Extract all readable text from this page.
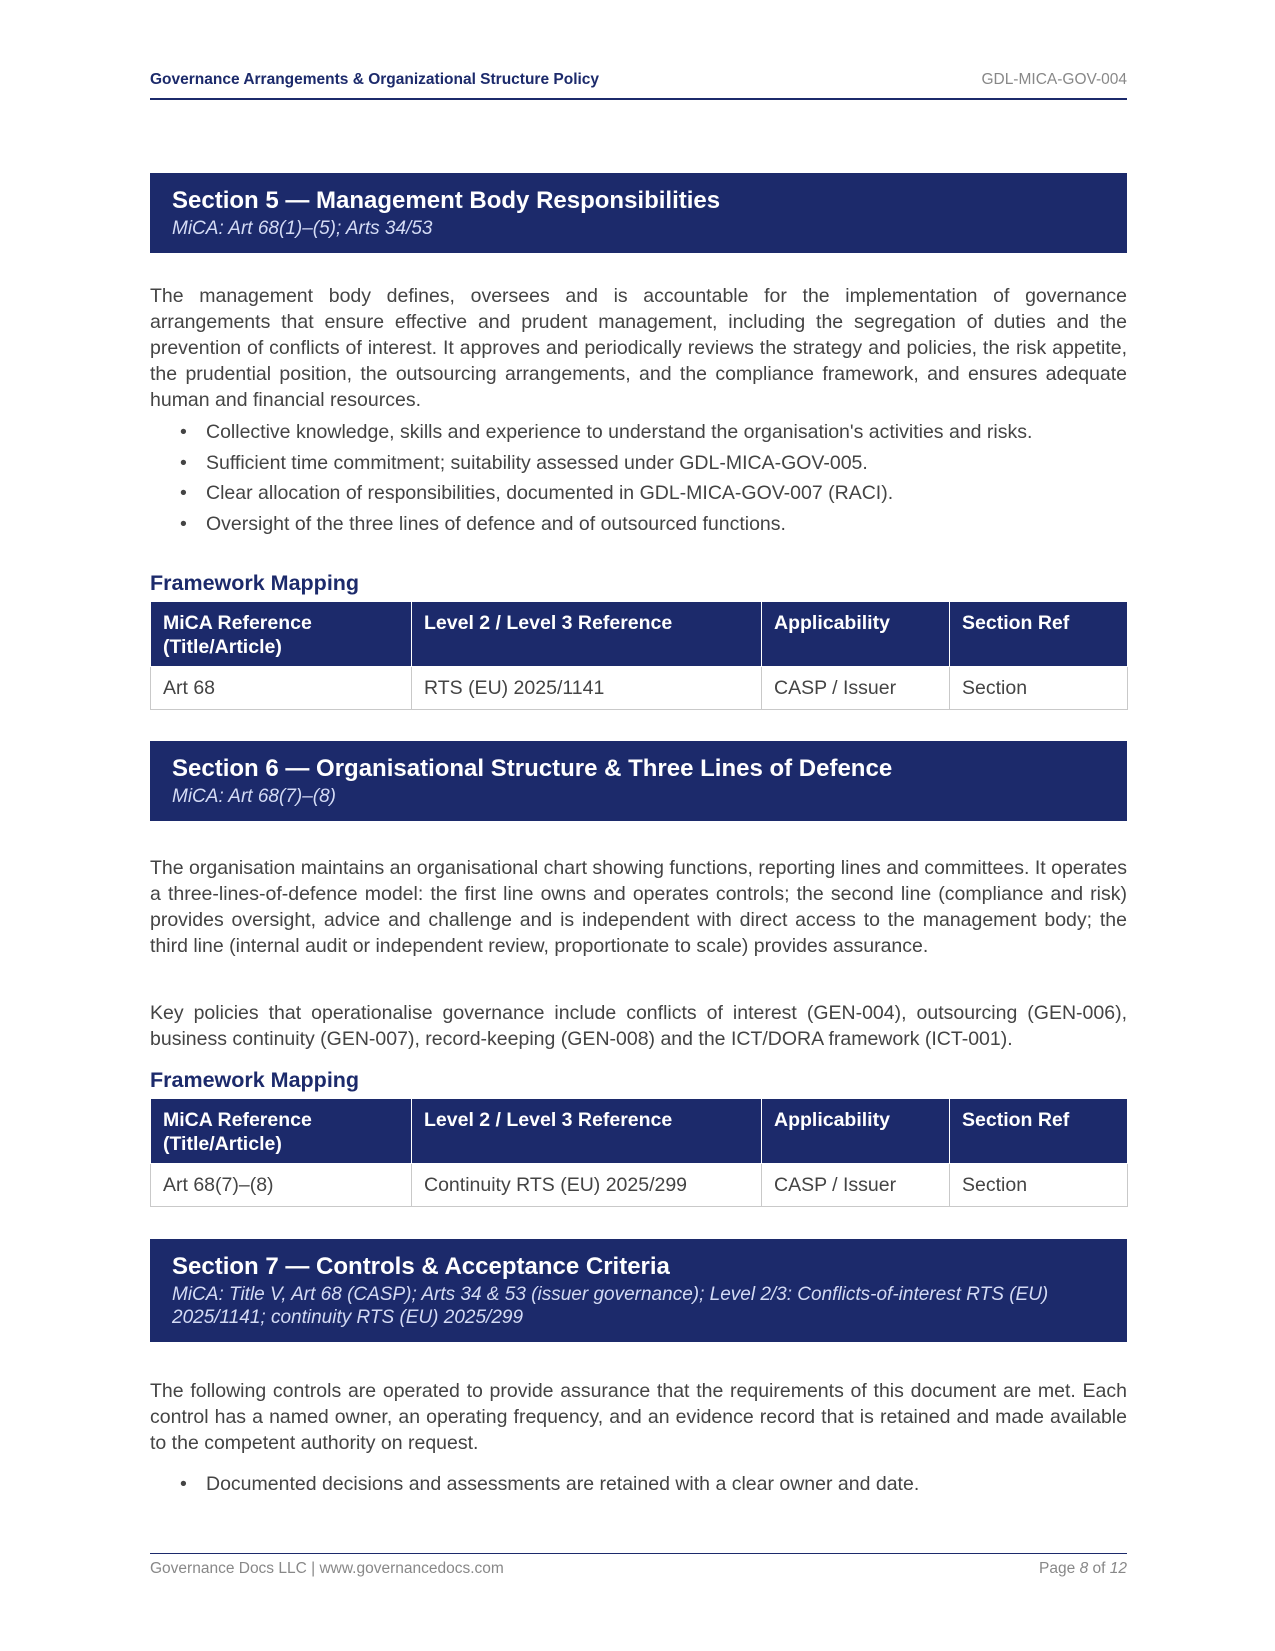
Governance Arrangements & Organizational Structure Policy	GDL-MICA-GOV-004
Section 5 — Management Body Responsibilities
MiCA: Art 68(1)–(5); Arts 34/53

The management body defines, oversees and is accountable for the implementation of governance arrangements that ensure effective and prudent management, including the segregation of duties and the prevention of conflicts of interest. It approves and periodically reviews the strategy and policies, the risk appetite, the prudential position, the outsourcing arrangements, and the compliance framework, and ensures adequate human and financial resources.

• Collective knowledge, skills and experience to understand the organisation's activities and risks.
• Sufficient time commitment; suitability assessed under GDL-MICA-GOV-005.
• Clear allocation of responsibilities, documented in GDL-MICA-GOV-007 (RACI).
• Oversight of the three lines of defence and of outsourced functions.
Framework Mapping
MiCA Reference (Title/Article)	Level 2 / Level 3 Reference	Applicability	Section Ref
Art 68	RTS (EU) 2025/1141	CASP / Issuer	Section
Section 6 — Organisational Structure & Three Lines of Defence
MiCA: Art 68(7)–(8)

The organisation maintains an organisational chart showing functions, reporting lines and committees. It operates a three-lines-of-defence model: the first line owns and operates controls; the second line (compliance and risk) provides oversight, advice and challenge and is independent with direct access to the management body; the third line (internal audit or independent review, proportionate to scale) provides assurance.

Key policies that operationalise governance include conflicts of interest (GEN-004), outsourcing (GEN-006), business continuity (GEN-007), record-keeping (GEN-008) and the ICT/DORA framework (ICT-001).

Framework Mapping
MiCA Reference (Title/Article)	Level 2 / Level 3 Reference	Applicability	Section Ref
Art 68(7)–(8)	Continuity RTS (EU) 2025/299	CASP / Issuer	Section
Section 7 — Controls & Acceptance Criteria
MiCA: Title V, Art 68 (CASP); Arts 34 & 53 (issuer governance); Level 2/3: Conflicts-of-interest RTS (EU) 2025/1141; continuity RTS (EU) 2025/299

The following controls are operated to provide assurance that the requirements of this document are met. Each control has a named owner, an operating frequency, and an evidence record that is retained and made available to the competent authority on request.

• Documented decisions and assessments are retained with a clear owner and date.
Governance Docs LLC | www.governancedocs.com	Page 8 of 12
